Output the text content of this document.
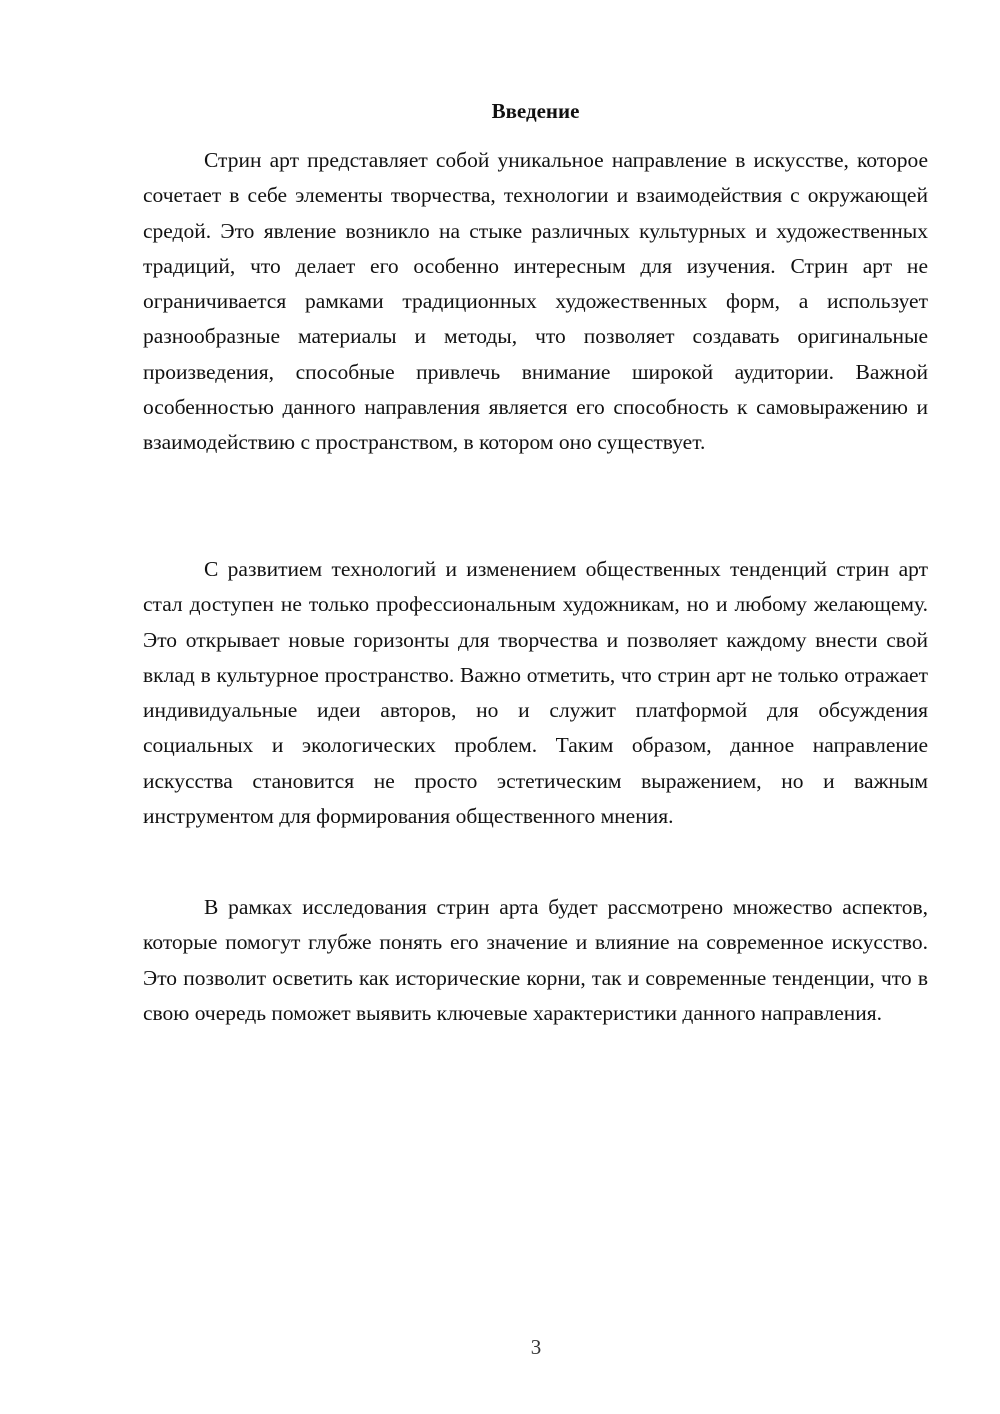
Введение

Стрин арт представляет собой уникальное направление в искусстве, которое сочетает в себе элементы творчества, технологии и взаимодействия с окружающей средой. Это явление возникло на стыке различных культурных и художественных традиций, что делает его особенно интересным для изучения. Стрин арт не ограничивается рамками традиционных художественных форм, а использует разнообразные материалы и методы, что позволяет создавать оригинальные произведения, способные привлечь внимание широкой аудитории. Важной особенностью данного направления является его способность к самовыражению и взаимодействию с пространством, в котором оно существует.

С развитием технологий и изменением общественных тенденций стрин арт стал доступен не только профессиональным художникам, но и любому желающему. Это открывает новые горизонты для творчества и позволяет каждому внести свой вклад в культурное пространство. Важно отметить, что стрин арт не только отражает индивидуальные идеи авторов, но и служит платформой для обсуждения социальных и экологических проблем. Таким образом, данное направление искусства становится не просто эстетическим выражением, но и важным инструментом для формирования общественного мнения.

В рамках исследования стрин арта будет рассмотрено множество аспектов, которые помогут глубже понять его значение и влияние на современное искусство. Это позволит осветить как исторические корни, так и современные тенденции, что в свою очередь поможет выявить ключевые характеристики данного направления.

3
